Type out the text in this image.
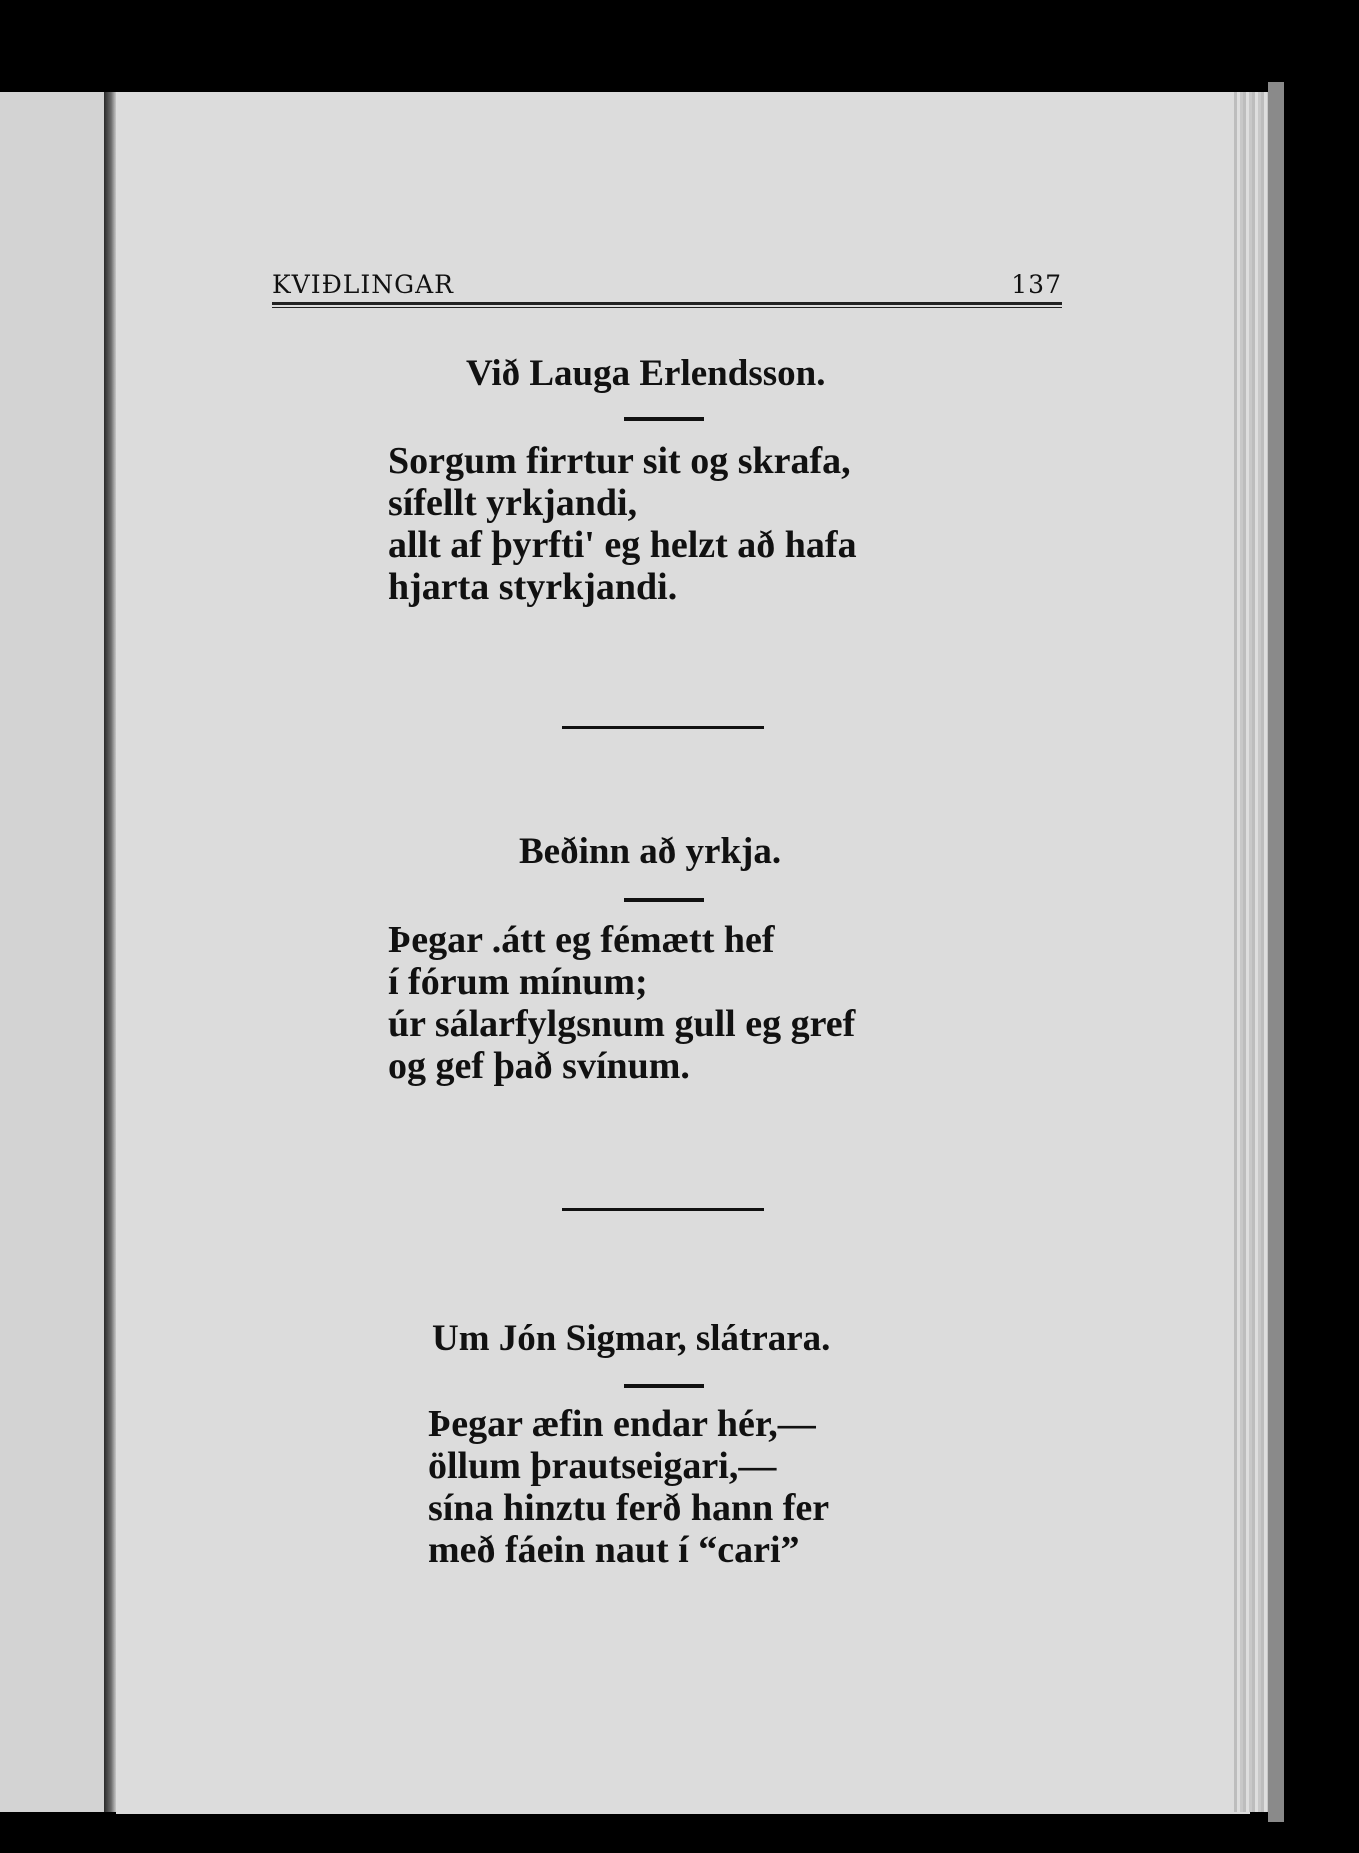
KVIÐLINGAR	137
Við Lauga Erlendsson.
Sorgum firrtur sit og skrafa,
sífellt yrkjandi,
allt af þyrfti' eg helzt að hafa
hjarta styrkjandi.
Beðinn að yrkja.
Þegar .átt eg fémætt hef
í fórum mínum;
úr sálarfylgsnum gull eg gref
og gef það svínum.
Um Jón Sigmar, slátrara.
Þegar æfin endar hér,—
öllum þrautseigari,—
sína hinztu ferð hann fer
með fáein naut í “cari”
